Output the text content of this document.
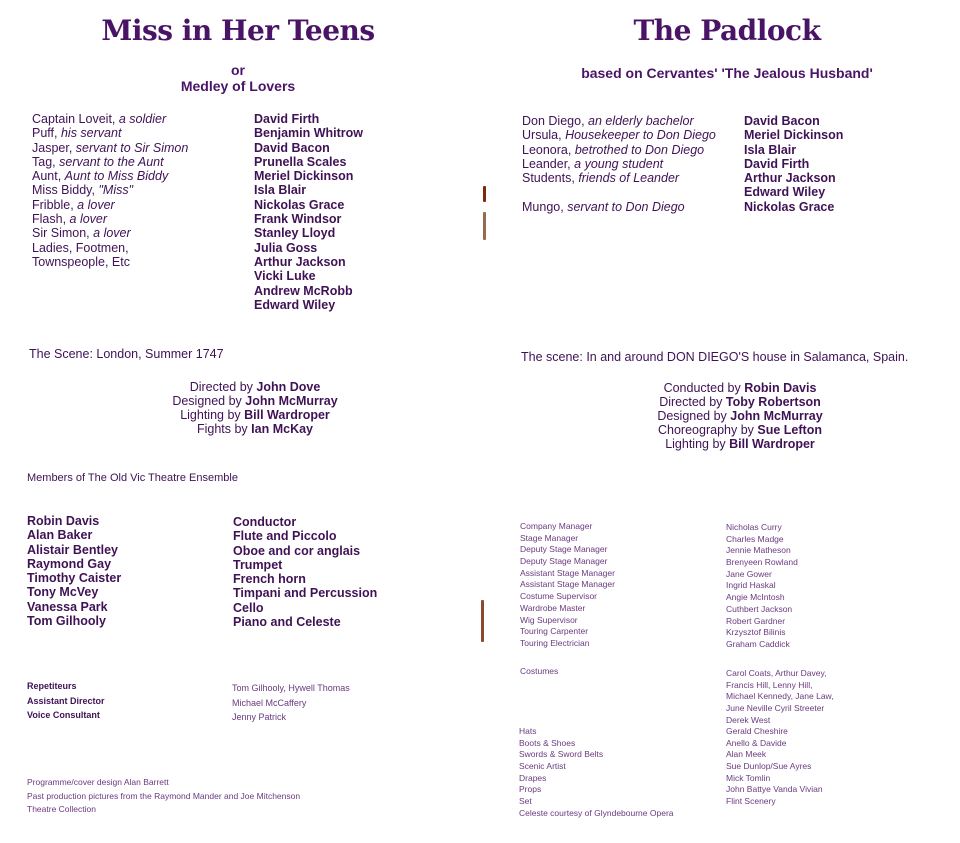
Miss in Her Teens
or
Medley of Lovers
Captain Loveit, a soldier
Puff, his servant
Jasper, servant to Sir Simon
Tag, servant to the Aunt
Aunt, Aunt to Miss Biddy
Miss Biddy, "Miss"
Fribble, a lover
Flash, a lover
Sir Simon, a lover
Ladies, Footmen,
Townspeople, Etc
David Firth
Benjamin Whitrow
David Bacon
Prunella Scales
Meriel Dickinson
Isla Blair
Nickolas Grace
Frank Windsor
Stanley Lloyd
Julia Goss
Arthur Jackson
Vicki Luke
Andrew McRobb
Edward Wiley
The Scene: London, Summer 1747
Directed by John Dove
Designed by John McMurray
Lighting by Bill Wardroper
Fights by Ian McKay
Members of The Old Vic Theatre Ensemble
Robin Davis
Alan Baker
Alistair Bentley
Raymond Gay
Timothy Caister
Tony McVey
Vanessa Park
Tom Gilhooly
Conductor
Flute and Piccolo
Oboe and cor anglais
Trumpet
French horn
Timpani and Percussion
Cello
Piano and Celeste
Repetiteurs
Assistant Director
Voice Consultant
Tom Gilhooly, Hywell Thomas
Michael McCaffery
Jenny Patrick
Programme/cover design Alan Barrett
Past production pictures from the Raymond Mander and Joe Mitchenson
Theatre Collection
The Padlock
based on Cervantes' 'The Jealous Husband'
Don Diego, an elderly bachelor
Ursula, Housekeeper to Don Diego
Leonora, betrothed to Don Diego
Leander, a young student
Students, friends of Leander
Mungo, servant to Don Diego
David Bacon
Meriel Dickinson
Isla Blair
David Firth
Arthur Jackson
Edward Wiley
Nickolas Grace
The scene: In and around DON DIEGO'S house in Salamanca, Spain.
Conducted by Robin Davis
Directed by Toby Robertson
Designed by John McMurray
Choreography by Sue Lefton
Lighting by Bill Wardroper
Company Manager
Stage Manager
Deputy Stage Manager
Deputy Stage Manager
Assistant Stage Manager
Assistant Stage Manager
Costume Supervisor
Wardrobe Master
Wig Supervisor
Touring Carpenter
Touring Electrician
Nicholas Curry
Charles Madge
Jennie Matheson
Brenyeen Rowland
Jane Gower
Ingrid Haskal
Angie McIntosh
Cuthbert Jackson
Robert Gardner
Krzysztof Bilinis
Graham Caddick
Costumes	Carol Coats, Arthur Davey,
Francis Hill, Lenny Hill,
Michael Kennedy, Jane Law,
June Neville Cyril Streeter
Derek West
Hats
Boots & Shoes
Swords & Sword Belts
Scenic Artist
Drapes
Props
Set
Celeste courtesy of Glyndebourne Opera
Gerald Cheshire
Anello & Davide
Alan Meek
Sue Dunlop/Sue Ayres
Mick Tomlin
John Battye Vanda Vivian
Flint Scenery
